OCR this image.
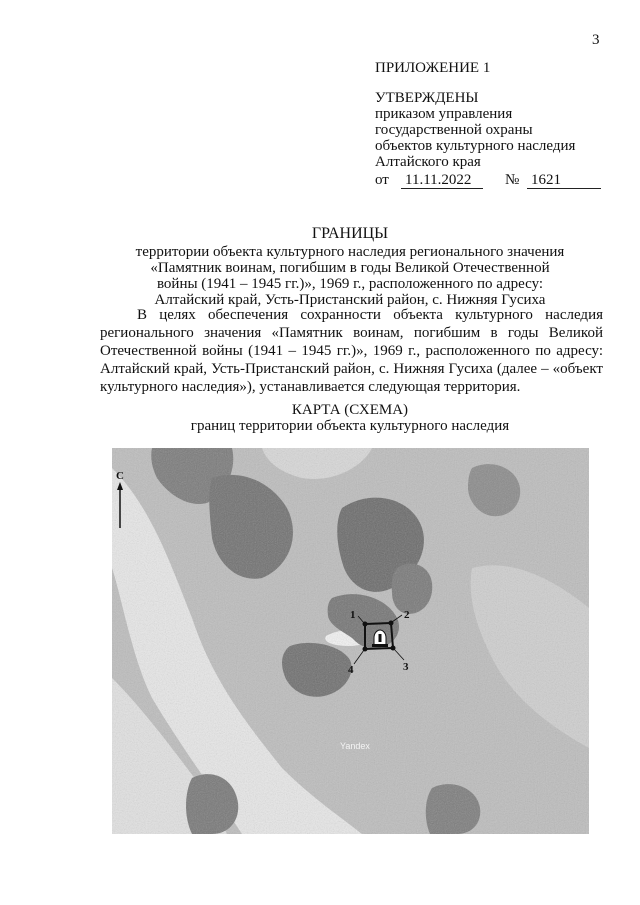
3
ПРИЛОЖЕНИЕ 1
УТВЕРЖДЕНЫ
приказом управления
государственной охраны
объектов культурного наследия
Алтайского края
от	11.11.2022	№ 1621
ГРАНИЦЫ
территории объекта культурного наследия регионального значения
«Памятник воинам, погибшим в годы Великой Отечественной
войны (1941 – 1945 гг.)», 1969 г., расположенного по адресу:
Алтайский край, Усть-Пристанский район, с. Нижняя Гусиха
В целях обеспечения сохранности объекта культурного наследия регионального значения «Памятник воинам, погибшим в годы Великой Отечественной войны (1941 – 1945 гг.)», 1969 г., расположенного по адресу: Алтайский край, Усть-Пристанский район, с. Нижняя Гусиха (далее – «объект культурного наследия»), устанавливается следующая территория.
КАРТА (СХЕМА)
границ территории объекта культурного наследия
С
1	2
3
4
Yandex
